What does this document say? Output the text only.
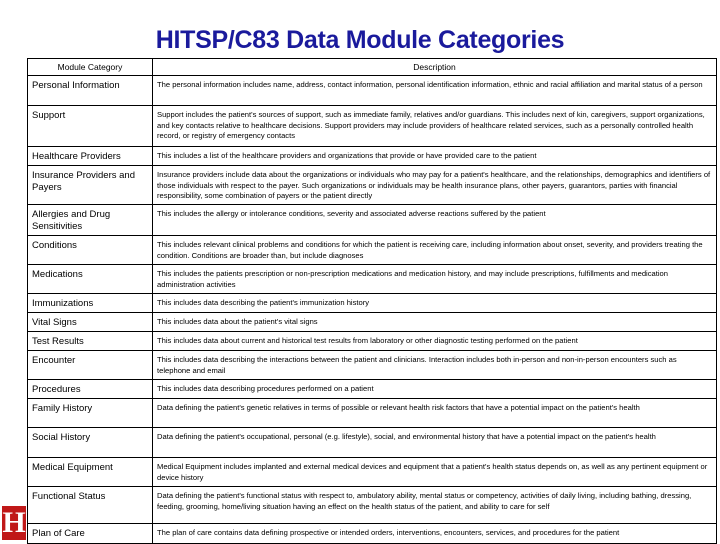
HITSP/C83 Data Module Categories
Module Category	Description
Personal Information	The personal information includes name, address, contact information, personal identification information, ethnic and racial affiliation and marital status of a person
Support	Support includes the patient's sources of support, such as immediate family, relatives and/or guardians. This includes next of kin, caregivers, support organizations, and key contacts relative to healthcare decisions. Support providers may include providers of healthcare related services, such as a personally controlled health record, or registry of emergency contacts
Healthcare Providers	This includes a list of the healthcare providers and organizations that provide or have provided care to the patient
Insurance Providers and Payers	Insurance providers include data about the organizations or individuals who may pay for a patient's healthcare, and the relationships, demographics and identifiers of those individuals with respect to the payer. Such organizations or individuals may be health insurance plans, other payers, guarantors, parties with financial responsibility, some combination of payers or the patient directly
Allergies and Drug Sensitivities	This includes the allergy or intolerance conditions, severity and associated adverse reactions suffered by the patient
Conditions	This includes relevant clinical problems and conditions for which the patient is receiving care, including information about onset, severity, and providers treating the condition. Conditions are broader than, but include diagnoses
Medications	This includes the patients prescription or non-prescription medications and medication history, and may include prescriptions, fulfillments and medication administration activities
Immunizations	This includes data describing the patient's immunization history
Vital Signs	This includes data about the patient's vital signs
Test Results	This includes data about current and historical test results from laboratory or other diagnostic testing performed on the patient
Encounter	This includes data describing the interactions between the patient and clinicians. Interaction includes both in-person and non-in-person encounters such as telephone and email
Procedures	This includes data describing procedures performed on a patient
Family History	Data defining the patient's genetic relatives in terms of possible or relevant health risk factors that have a potential impact on the patient's health
Social History	Data defining the patient's occupational, personal (e.g. lifestyle), social, and environmental history that have a potential impact on the patient's health
Medical Equipment	Medical Equipment includes implanted and external medical devices and equipment that a patient's health status depends on, as well as any pertinent equipment or device history
Functional Status	Data defining the patient's functional status with respect to, ambulatory ability, mental status or competency, activities of daily living, including bathing, dressing, feeding, grooming, home/living situation having an effect on the health status of the patient, and ability to care for self
Plan of Care	The plan of care contains data defining prospective or intended orders, interventions, encounters, services, and procedures for the patient
H
